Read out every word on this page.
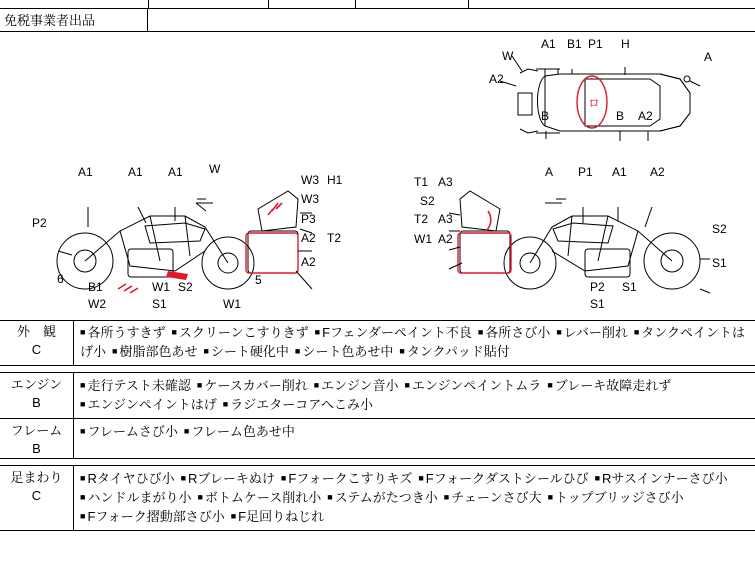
免税事業者出品
ロ
W
A2
A1 B1 P1 H
A
B	B A2
A1	A1 A1 W
W3 H1
W3
P3
A2 T2
A2
P2
6
B1
W2
W1 S2
S1
5
W1
A P1 A1 A2
T1 A3
S2
T2 A3
W1 A2
S2
S1
P2 S1
S1
外　観
C
■ 各所うすきず ■ スクリーンこすりきず ■ Fフェンダーペイント不良 ■ 各所さび小 ■ レバー削れ ■ タンクペイントはげ小 ■ 樹脂部色あせ ■ シート硬化中 ■ シート色あせ中 ■ タンクパッド貼付
エンジン
B
■ 走行テスト未確認 ■ ケースカバー削れ ■ エンジン音小 ■ エンジンペイントムラ ■ ブレーキ故障走れず■ エンジンペイントはげ ■ ラジエターコアへこみ小
フレーム
B
■ フレームさび小 ■ フレーム色あせ中
足まわり
C
■ Rタイヤひび小 ■ Rブレーキぬけ ■ Fフォークこすりキズ ■ Fフォークダストシールひび ■ Rサスインナーさび小■ ハンドルまがり小 ■ ボトムケース削れ小 ■ ステムがたつき小 ■ チェーンさび大 ■ トップブリッジさび小■ Fフォーク摺動部さび小 ■ F足回りねじれ
